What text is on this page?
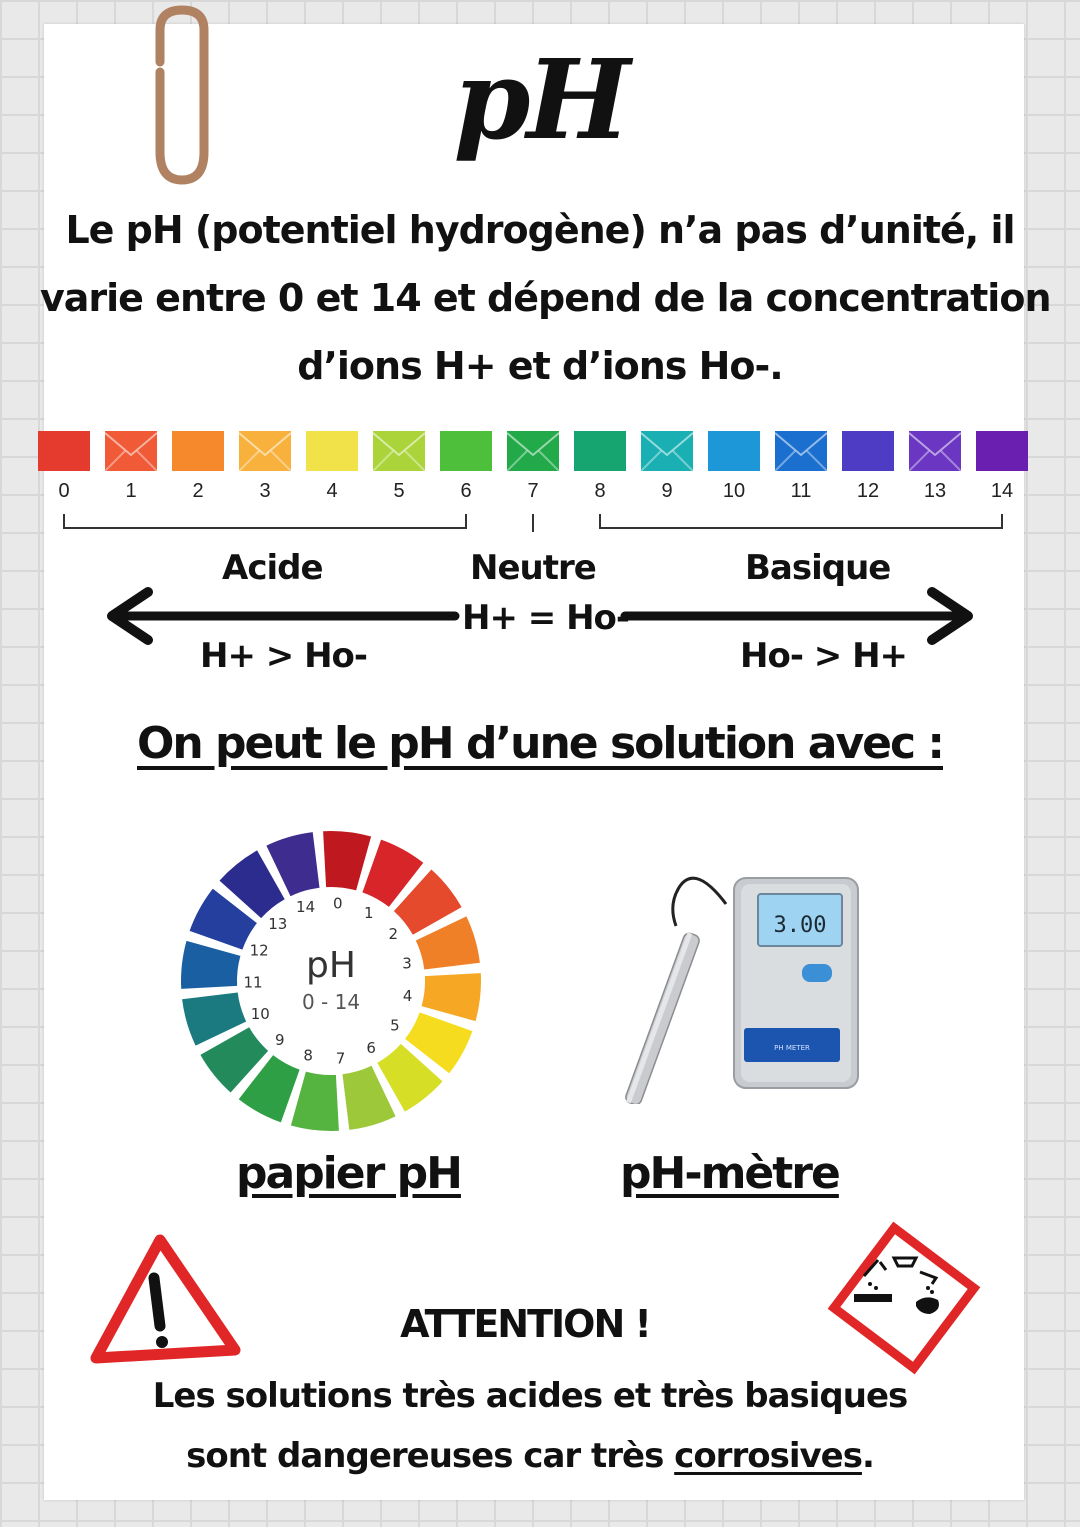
pH
Le pH (potentiel hydrogène) n’a pas d’unité, il
varie entre 0 et 14 et dépend de la concentration
d’ions H+ et d’ions Ho-.
0	1	2	3	4	5	6	7	8	9	10	11	12	13	14
Acide	Neutre	Basique
H+ = Ho-
H+ > Ho-	Ho- > H+
On peut le pH d’une solution avec :
0
1
2
3
4
5
6
7
8
9
10
11
12
13
14
pH
0 - 14
3.00
PH METER
papier pH	pH-mètre
ATTENTION !
Les solutions très acides et très basiques
sont dangereuses car très corrosives.
